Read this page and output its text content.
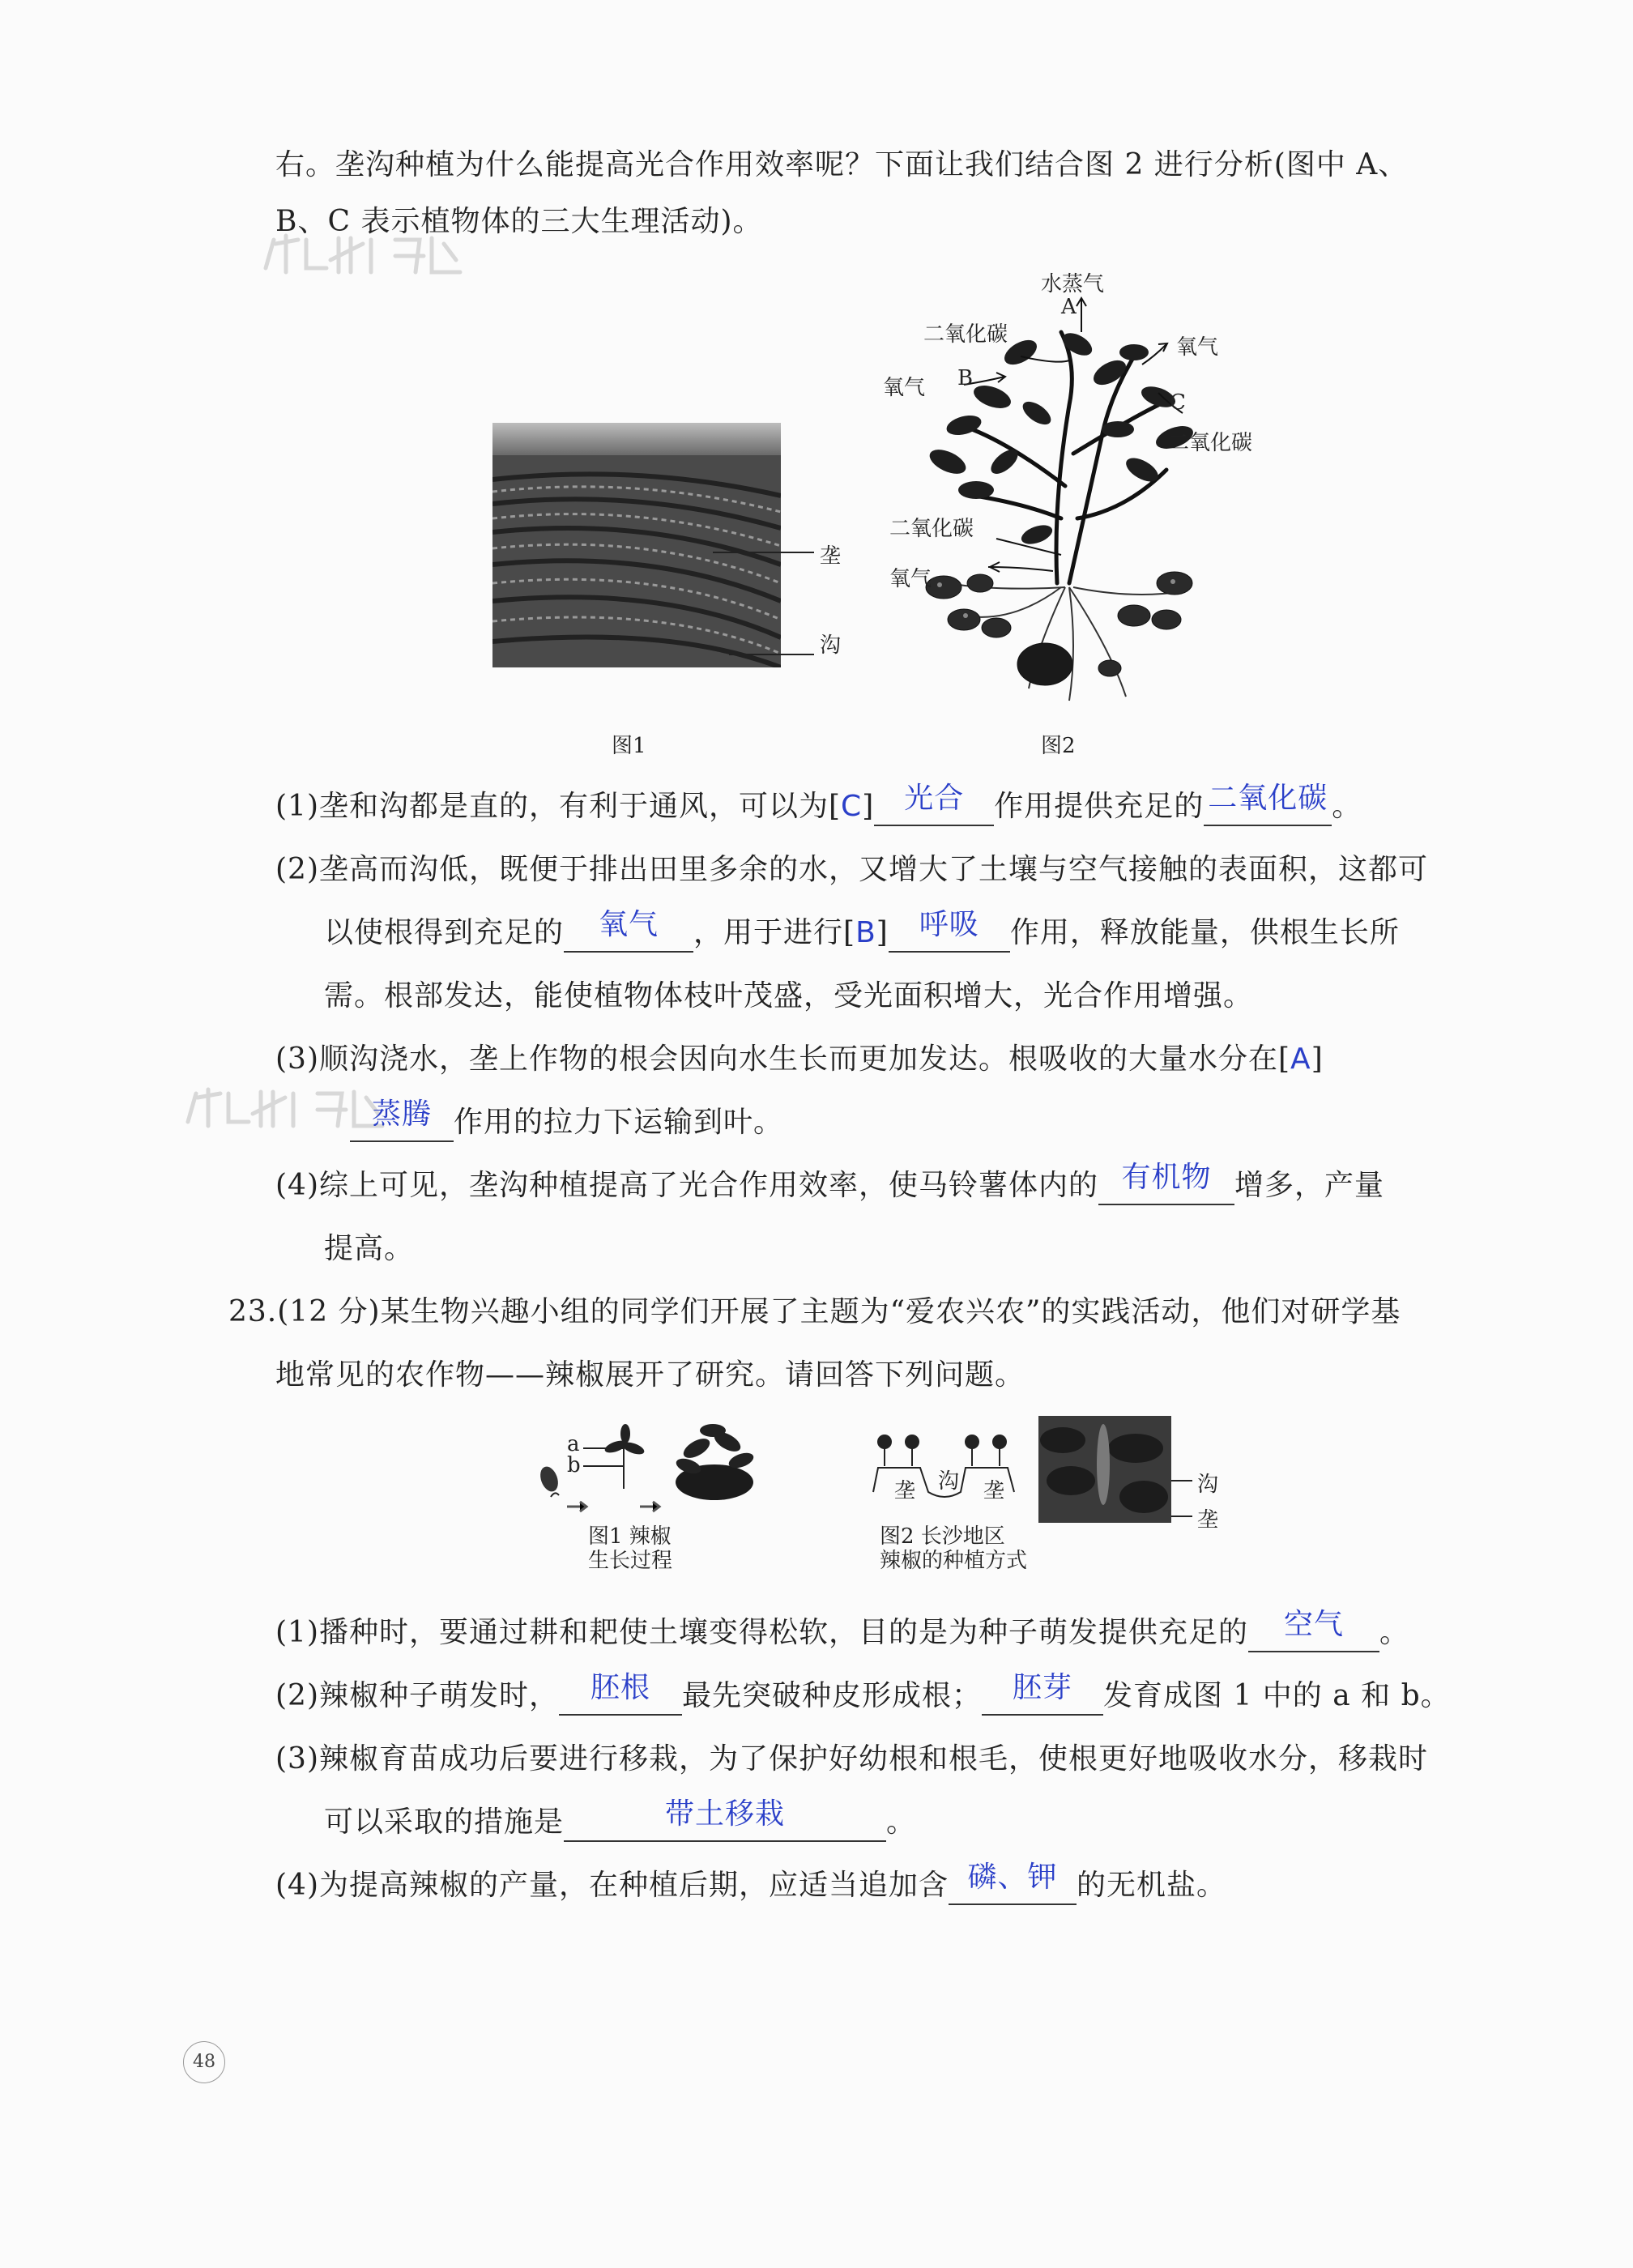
右。垄沟种植为什么能提高光合作用效率呢？下面让我们结合图 2 进行分析(图中 A、
B、C 表示植物体的三大生理活动)。
垄
沟
图1
水蒸气
A
二氧化碳
氧气 B
氧气
C
二氧化碳
二氧化碳
氧气
图2
(1)垄和沟都是直的，有利于通风，可以为[C]	光合	作用提供充足的 二氧化碳 。
(2)垄高而沟低，既便于排出田里多余的水，又增大了土壤与空气接触的表面积，这都可
以使根得到充足的	氧气	，用于进行[B]	呼吸	作用，释放能量，供根生长所
需。根部发达，能使植物体枝叶茂盛，受光面积增大，光合作用增强。
(3)顺沟浇水，垄上作物的根会因向水生长而更加发达。根吸收的大量水分在[A]
蒸腾 作用的拉力下运输到叶。
(4)综上可见，垄沟种植提高了光合作用效率，使马铃薯体内的 有机物 增多，产量
提高。
23.(12 分)某生物兴趣小组的同学们开展了主题为“爱农兴农”的实践活动，他们对研学基
地常见的农作物——辣椒展开了研究。请回答下列问题。
a
b
图1 辣椒
生长过程
垄 沟 垄	沟
垄
图2 长沙地区
辣椒的种植方式
(1)播种时，要通过耕和耙使土壤变得松软，目的是为种子萌发提供充足的	空气	。
(2)辣椒种子萌发时，	胚根	最先突破种皮形成根；	胚芽	发育成图 1 中的 a 和 b。
(3)辣椒育苗成功后要进行移栽，为了保护好幼根和根毛，使根更好地吸收水分，移栽时
可以采取的措施是	带土移栽	。
(4)为提高辣椒的产量，在种植后期，应适当追加含 磷、钾 的无机盐。
48
